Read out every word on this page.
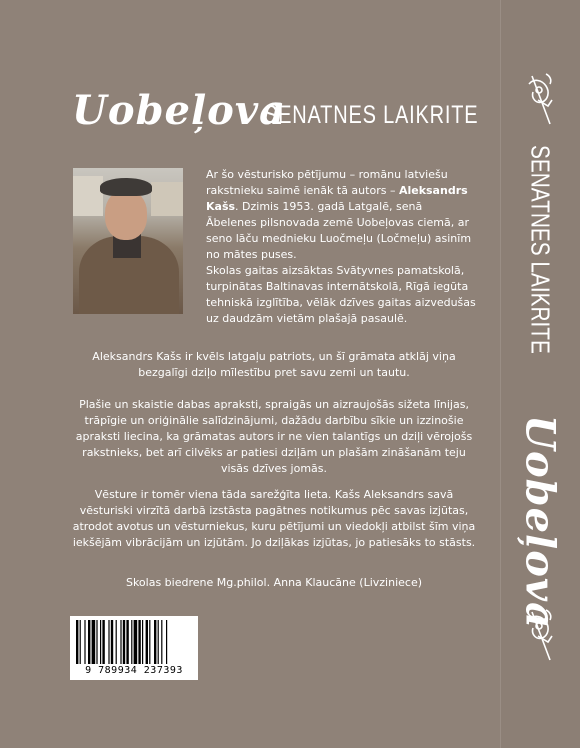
Uobeļova
SENATNES LAIKRITE

Ar šo vēsturisko pētījumu – romānu latviešu rakstnieku saimē ienāk tā autors – Aleksandrs Kašs. Dzimis 1953. gadā Latgalē, senā Ābelenes pilsnovada zemē Uobeļovas ciemā, ar seno lāču mednieku Luočmeļu (Ločmeļu) asinīm no mātes puses.

Skolas gaitas aizsāktas Svātyvnes pamatskolā, turpinātas Baltinavas internātskolā, Rīgā iegūta tehniskā izglītība, vēlāk dzīves gaitas aizvedušas uz daudzām vietām plašajā pasaulē.

Aleksandrs Kašs ir kvēls latgaļu patriots, un šī grāmata atklāj viņa bezgalīgi dziļo mīlestību pret savu zemi un tautu.

Plašie un skaistie dabas apraksti, spraigās un aizraujošās sižeta līnijas, trāpīgie un oriģinālie salīdzinājumi, dažādu darbību sīkie un izzinošie apraksti liecina, ka grāmatas autors ir ne vien talantīgs un dziļi vērojošs rakstnieks, bet arī cilvēks ar patiesi dziļām un plašām zināšanām teju visās dzīves jomās.

Vēsture ir tomēr viena tāda sarežģīta lieta. Kašs Aleksandrs savā vēsturiski virzītā darbā izstāsta pagātnes notikumus pēc savas izjūtas, atrodot avotus un vēsturniekus, kuru pētījumi un viedokļi atbilst šīm viņa iekšējām vibrācijām un izjūtām. Jo dziļākas izjūtas, jo patiesāks to stāsts.

Skolas biedrene Mg.philol. Anna Klaucāne (Livziniece)

9 789934 237393
SENATNES LAIKRITE Uobeļova
